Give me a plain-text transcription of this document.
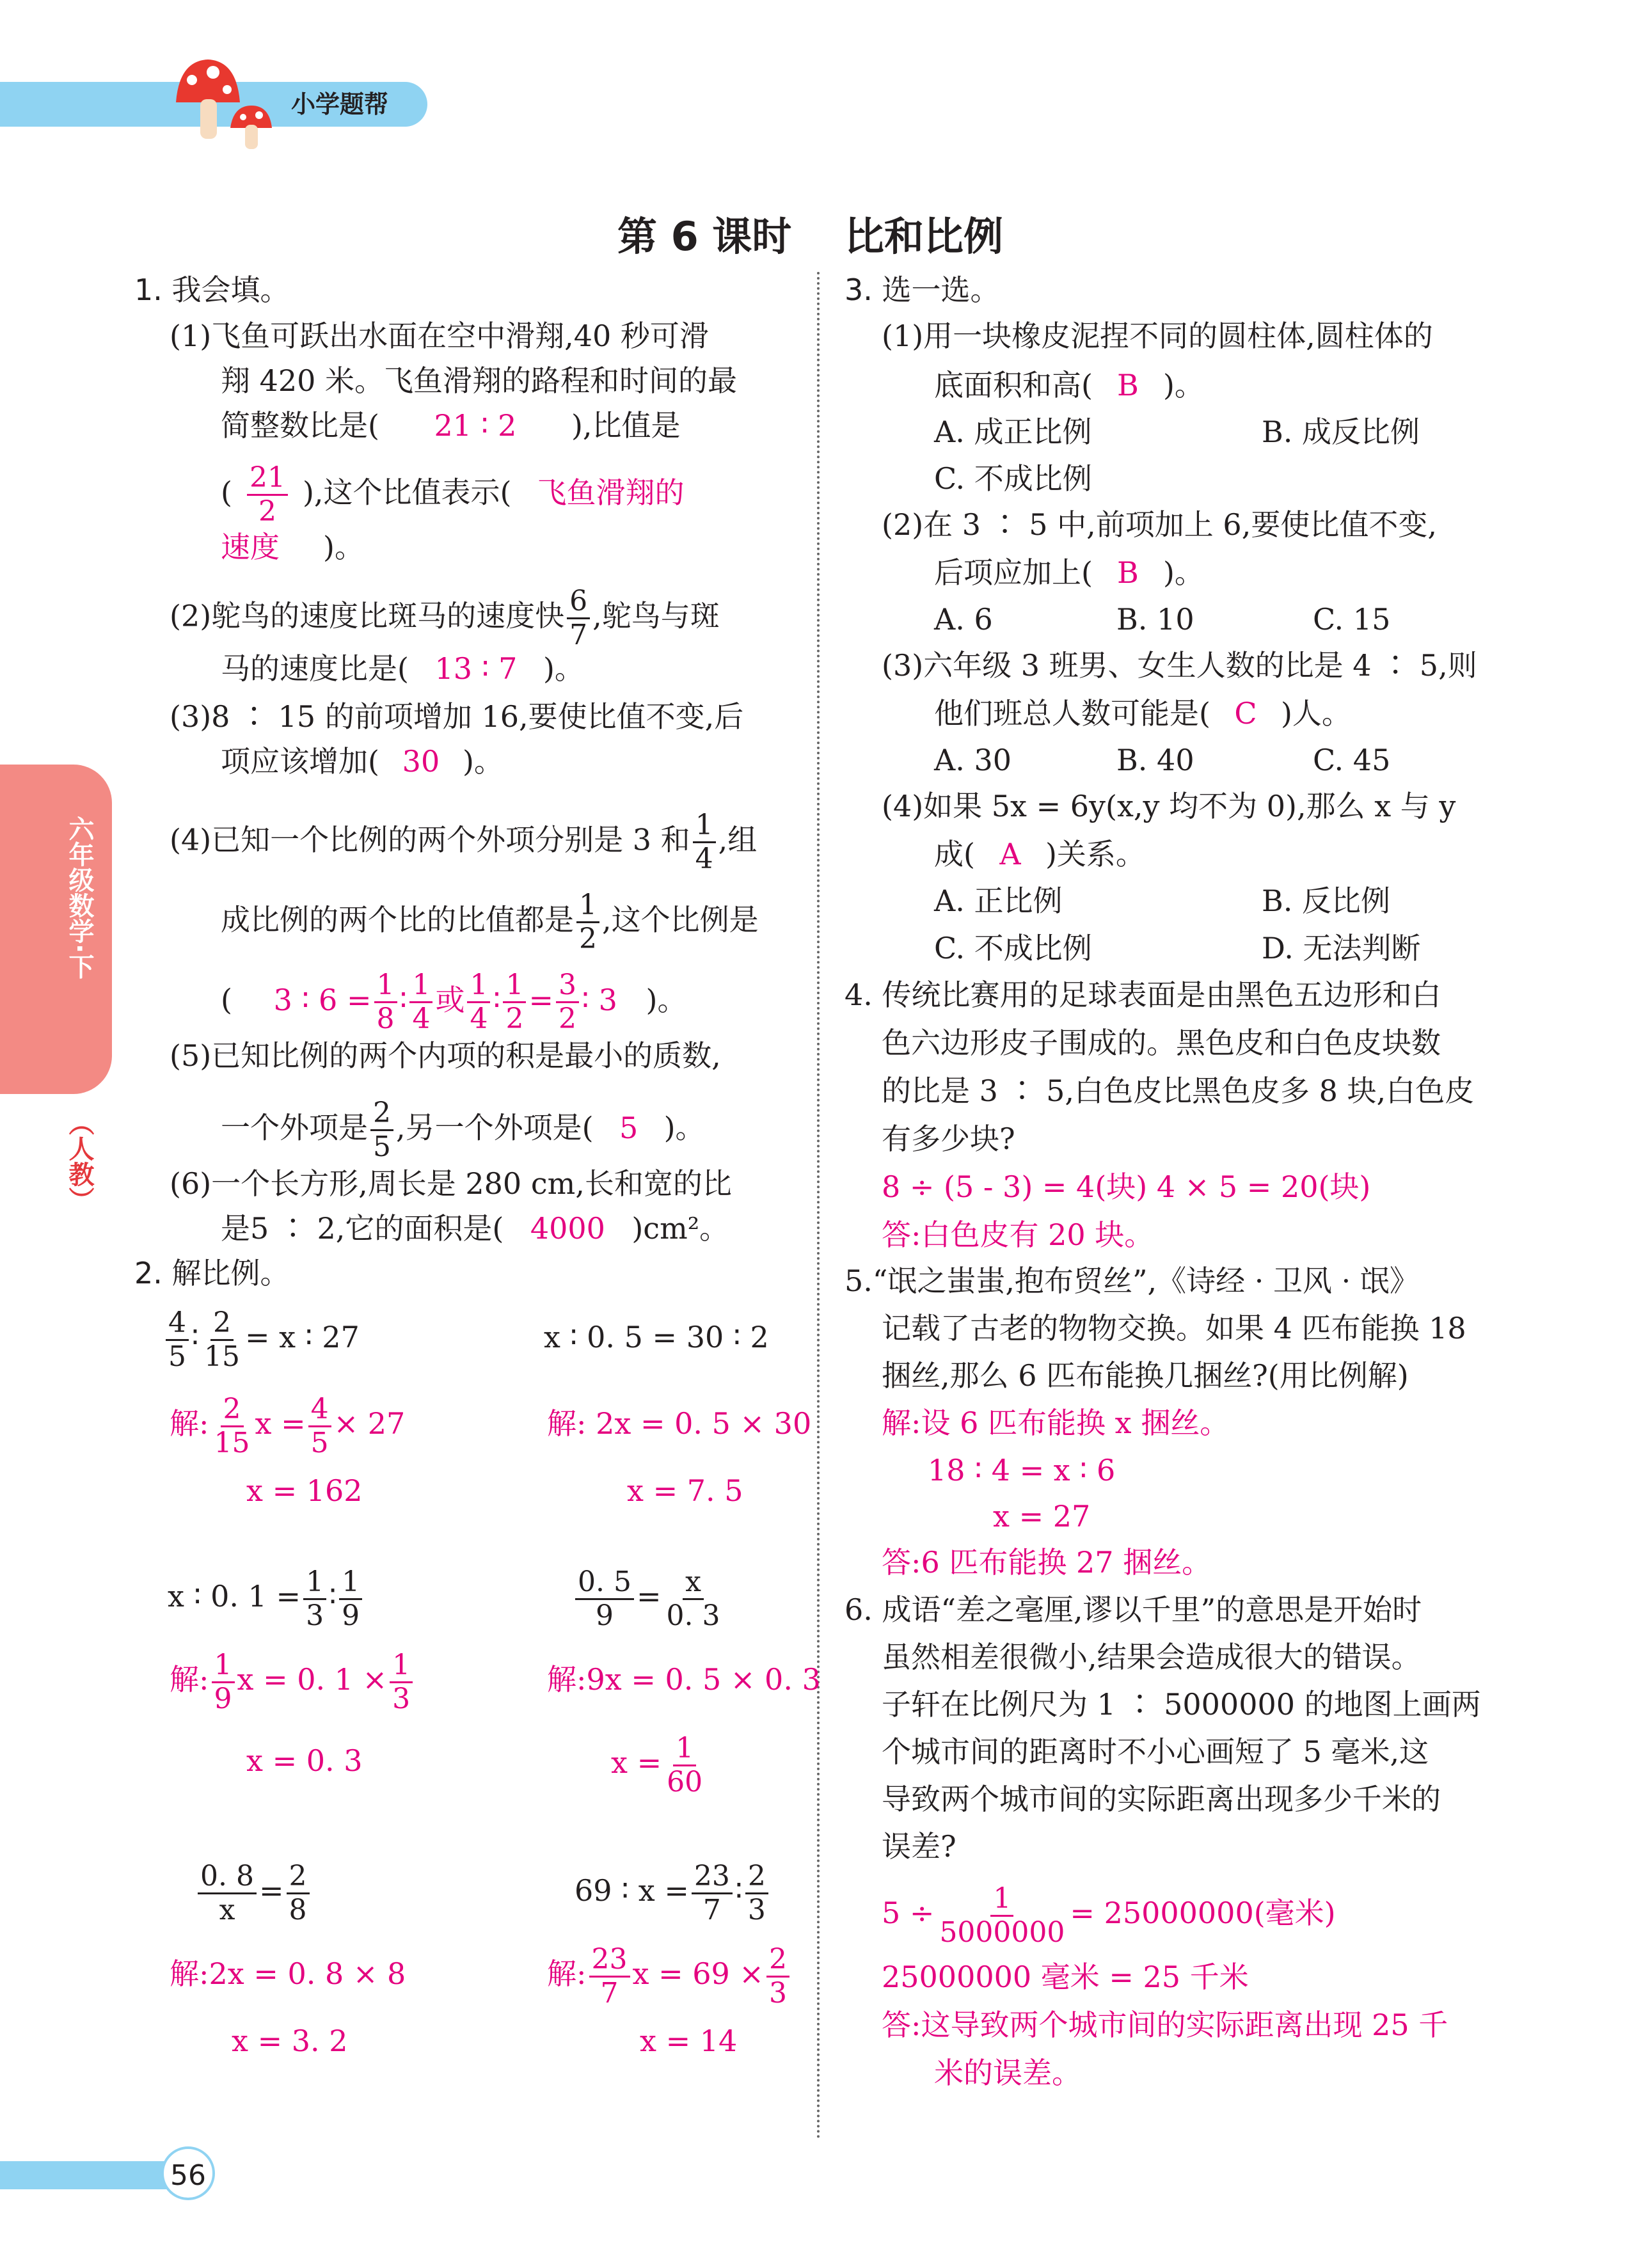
小学题帮
六年级数学·下
（人教）
56
第 6 课时 比和比例
1. 我会填。
(1)飞鱼可跃出水面在空中滑翔,40 秒可滑
翔 420 米。飞鱼滑翔的路程和时间的最
简整数比是( 21 ∶ 2 ),比值是
( $\frac{21}{2}$ ),这个比值表示( 飞鱼滑翔的
速度 )。
(2)鸵鸟的速度比斑马的速度快 $\frac{6}{7}$ ,鸵鸟与斑
马的速度比是( 13 ∶ 7 )。
(3)8 ∶ 15 的前项增加 16,要使比值不变,后
项应该增加( 30 )。
(4)已知一个比例的两个外项分别是 3 和 $\frac{1}{4}$ ,组
成比例的两个比的比值都是 $\frac{1}{2}$ ,这个比例是
( 3 ∶ $6 = \frac{1}{8}$ ∶ $\frac{1}{4}$ 或 $\frac{1}{4}$ ∶ $\frac{1}{2} = \frac{3}{2}$ ∶ 3 )。
(5)已知比例的两个内项的积是最小的质数,
一个外项是 $\frac{2}{5}$ ,另一个外项是( 5 )。
(6)一个长方形,周长是 280 cm,长和宽的比
是5 ∶ 2,它的面积是( 4000 )cm²。
2. 解比例。
$\frac{4}{5}$ ∶ $\frac{2}{15} = x$ ∶ 27
解: $\frac{2}{15}$ $x = \frac{4}{5} \times 27$
x = 162
x ∶ 0. 5 = 30 ∶ 2
解: 2x = 0. 5 × 30
x = 7. 5
x ∶ 0. $1 = \frac{1}{3}$ ∶ $\frac{1}{9}$
解: $\frac{1}{9}$ x = 0. $1 \times \frac{1}{3}$
x = 0. 3
$\frac{0. 5}{9} = \frac{x}{0. 3}$
解:9x = 0. 5 × 0. 3
$x = \frac{1}{60}$
$\frac{0. 8}{x} = \frac{2}{8}$
解:2x = 0. 8 × 8
x = 3. 2
69 ∶ $x = \frac{23}{7}$ ∶ $\frac{2}{3}$
解: $\frac{23}{7}$ $x = 69 \times \frac{2}{3}$
x = 14
3. 选一选。
(1)用一块橡皮泥捏不同的圆柱体,圆柱体的
底面积和高( B )。
A. 成正比例	B. 成反比例
C. 不成比例
(2)在 3 ∶ 5 中,前项加上 6,要使比值不变,
后项应加上( B )。
A. 6	B. 10	C. 15
(3)六年级 3 班男、女生人数的比是 4 ∶ 5,则
他们班总人数可能是( C )人。
A. 30	B. 40	C. 45
(4)如果 5x = 6y(x,y 均不为 0),那么 x 与 y
成( A )关系。
A. 正比例	B. 反比例
C. 不成比例	D. 无法判断
4. 传统比赛用的足球表面是由黑色五边形和白
色六边形皮子围成的。黑色皮和白色皮块数
的比是 3 ∶ 5,白色皮比黑色皮多 8 块,白色皮
有多少块?
8 ÷ (5 - 3) = 4(块) 4 × 5 = 20(块)
答:白色皮有 20 块。
5.“氓之蚩蚩,抱布贸丝”,《诗经 · 卫风 · 氓》
记载了古老的物物交换。如果 4 匹布能换 18
捆丝,那么 6 匹布能换几捆丝?(用比例解)
解:设 6 匹布能换 x 捆丝。
18 ∶ 4 = x ∶ 6
x = 27
答:6 匹布能换 27 捆丝。
6. 成语“差之毫厘,谬以千里”的意思是开始时
虽然相差很微小,结果会造成很大的错误。
子轩在比例尺为 1 ∶ 5000000 的地图上画两
个城市间的距离时不小心画短了 5 毫米,这
导致两个城市间的实际距离出现多少千米的
误差?
$5 \div \frac{1}{5000000} = 25000000$(毫米)
25000000 毫米 = 25 千米
答:这导致两个城市间的实际距离出现 25 千
米的误差。
